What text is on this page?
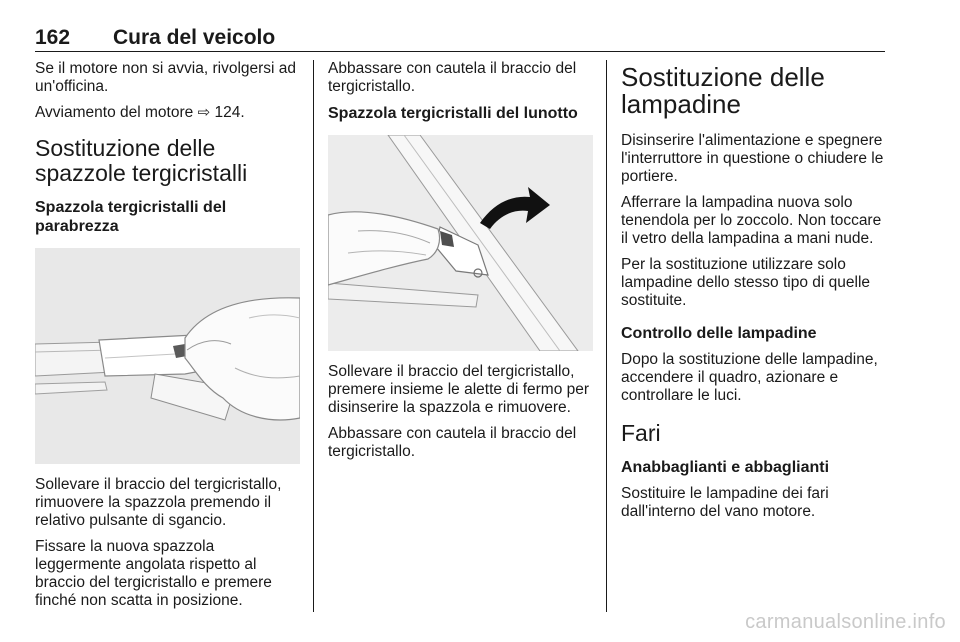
162 Cura del veicolo

Se il motore non si avvia, rivolgersi ad un'officina.

Avviamento del motore ⇨ 124.

Sostituzione delle spazzole tergicristalli
Spazzola tergicristalli del parabrezza

Sollevare il braccio del tergicristallo, rimuovere la spazzola premendo il relativo pulsante di sgancio.

Fissare la nuova spazzola leggermente angolata rispetto al braccio del tergicristallo e premere finché non scatta in posizione.

Abbassare con cautela il braccio del tergicristallo.

Spazzola tergicristalli del lunotto

Sollevare il braccio del tergicristallo, premere insieme le alette di fermo per disinserire la spazzola e rimuovere.

Abbassare con cautela il braccio del tergicristallo.

Sostituzione delle lampadine

Disinserire l'alimentazione e spegnere l'interruttore in questione o chiudere le portiere.

Afferrare la lampadina nuova solo tenendola per lo zoccolo. Non toccare il vetro della lampadina a mani nude.

Per la sostituzione utilizzare solo lampadine dello stesso tipo di quelle sostituite.

Controllo delle lampadine

Dopo la sostituzione delle lampadine, accendere il quadro, azionare e controllare le luci.

Fari
Anabbaglianti e abbaglianti

Sostituire le lampadine dei fari dall'interno del vano motore.

carmanualsonline.info
